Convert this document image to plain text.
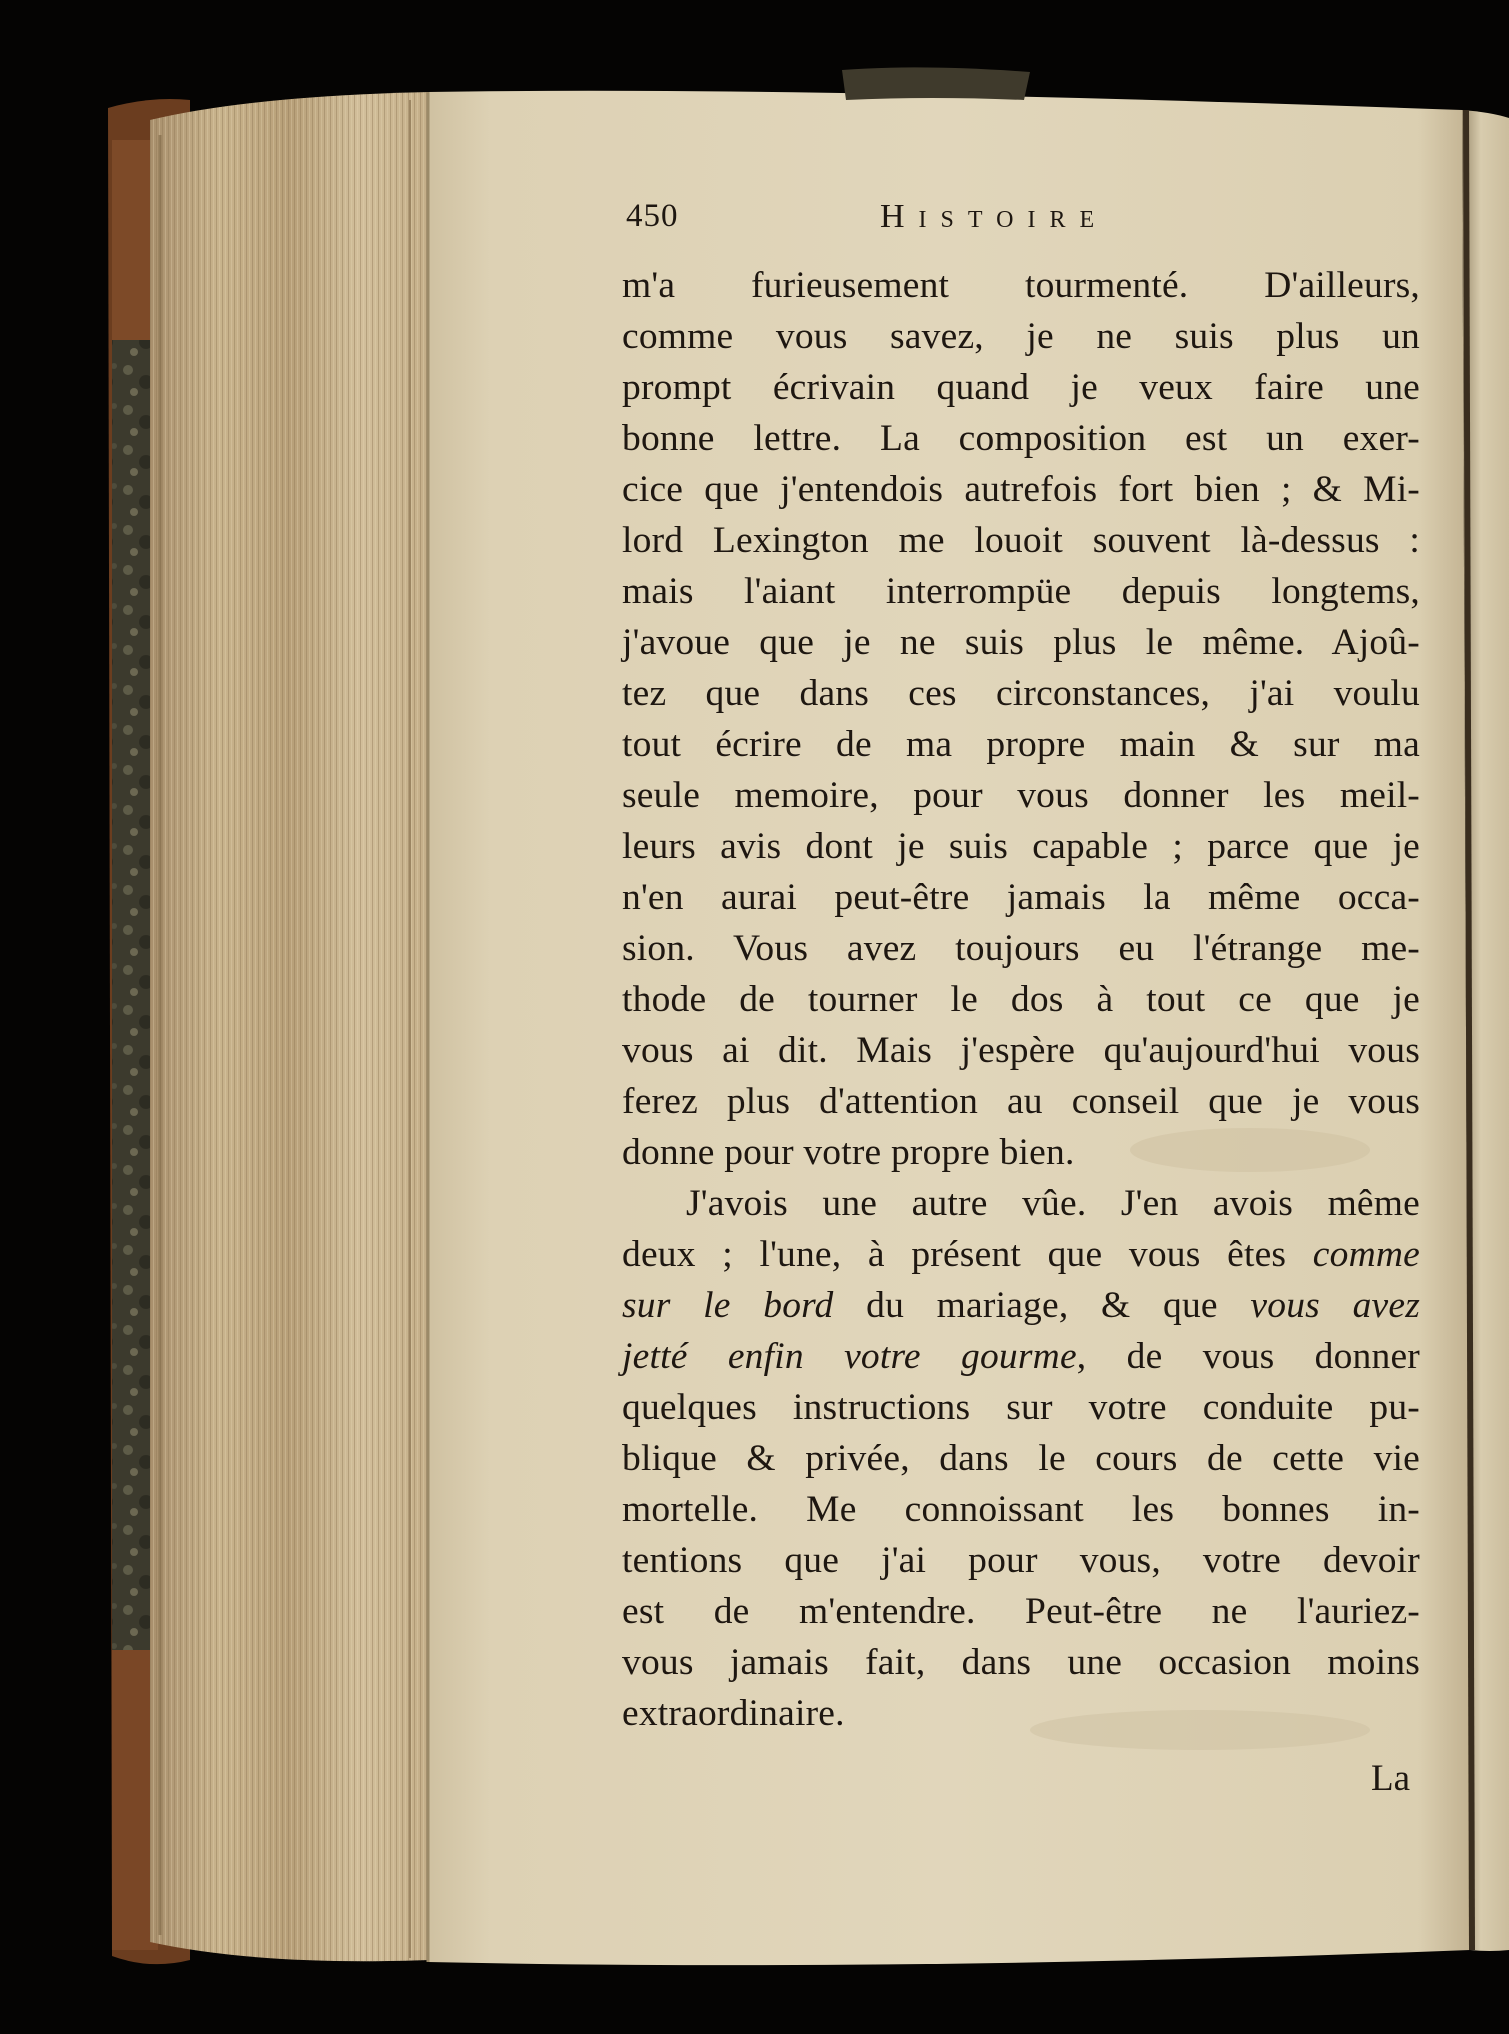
450	Histoire
m'a furieusement tourmenté. D'ailleurs,
comme vous savez, je ne suis plus un
prompt écrivain quand je veux faire une
bonne lettre. La composition est un exer-
cice que j'entendois autrefois fort bien ; & Mi-
lord Lexington me louoit souvent là-dessus :
mais l'aiant interrompüe depuis longtems,
j'avoue que je ne suis plus le même. Ajoû-
tez que dans ces circonstances, j'ai voulu
tout écrire de ma propre main & sur ma
seule memoire, pour vous donner les meil-
leurs avis dont je suis capable ; parce que je
n'en aurai peut-être jamais la même occa-
sion. Vous avez toujours eu l'étrange me-
thode de tourner le dos à tout ce que je
vous ai dit. Mais j'espère qu'aujourd'hui vous
ferez plus d'attention au conseil que je vous
donne pour votre propre bien.
J'avois une autre vûe. J'en avois même
deux ; l'une, à présent que vous êtes comme
sur le bord du mariage, & que vous avez
jetté enfin votre gourme, de vous donner
quelques instructions sur votre conduite pu-
blique & privée, dans le cours de cette vie
mortelle. Me connoissant les bonnes in-
tentions que j'ai pour vous, votre devoir
est de m'entendre. Peut-être ne l'auriez-
vous jamais fait, dans une occasion moins
extraordinaire.
La
